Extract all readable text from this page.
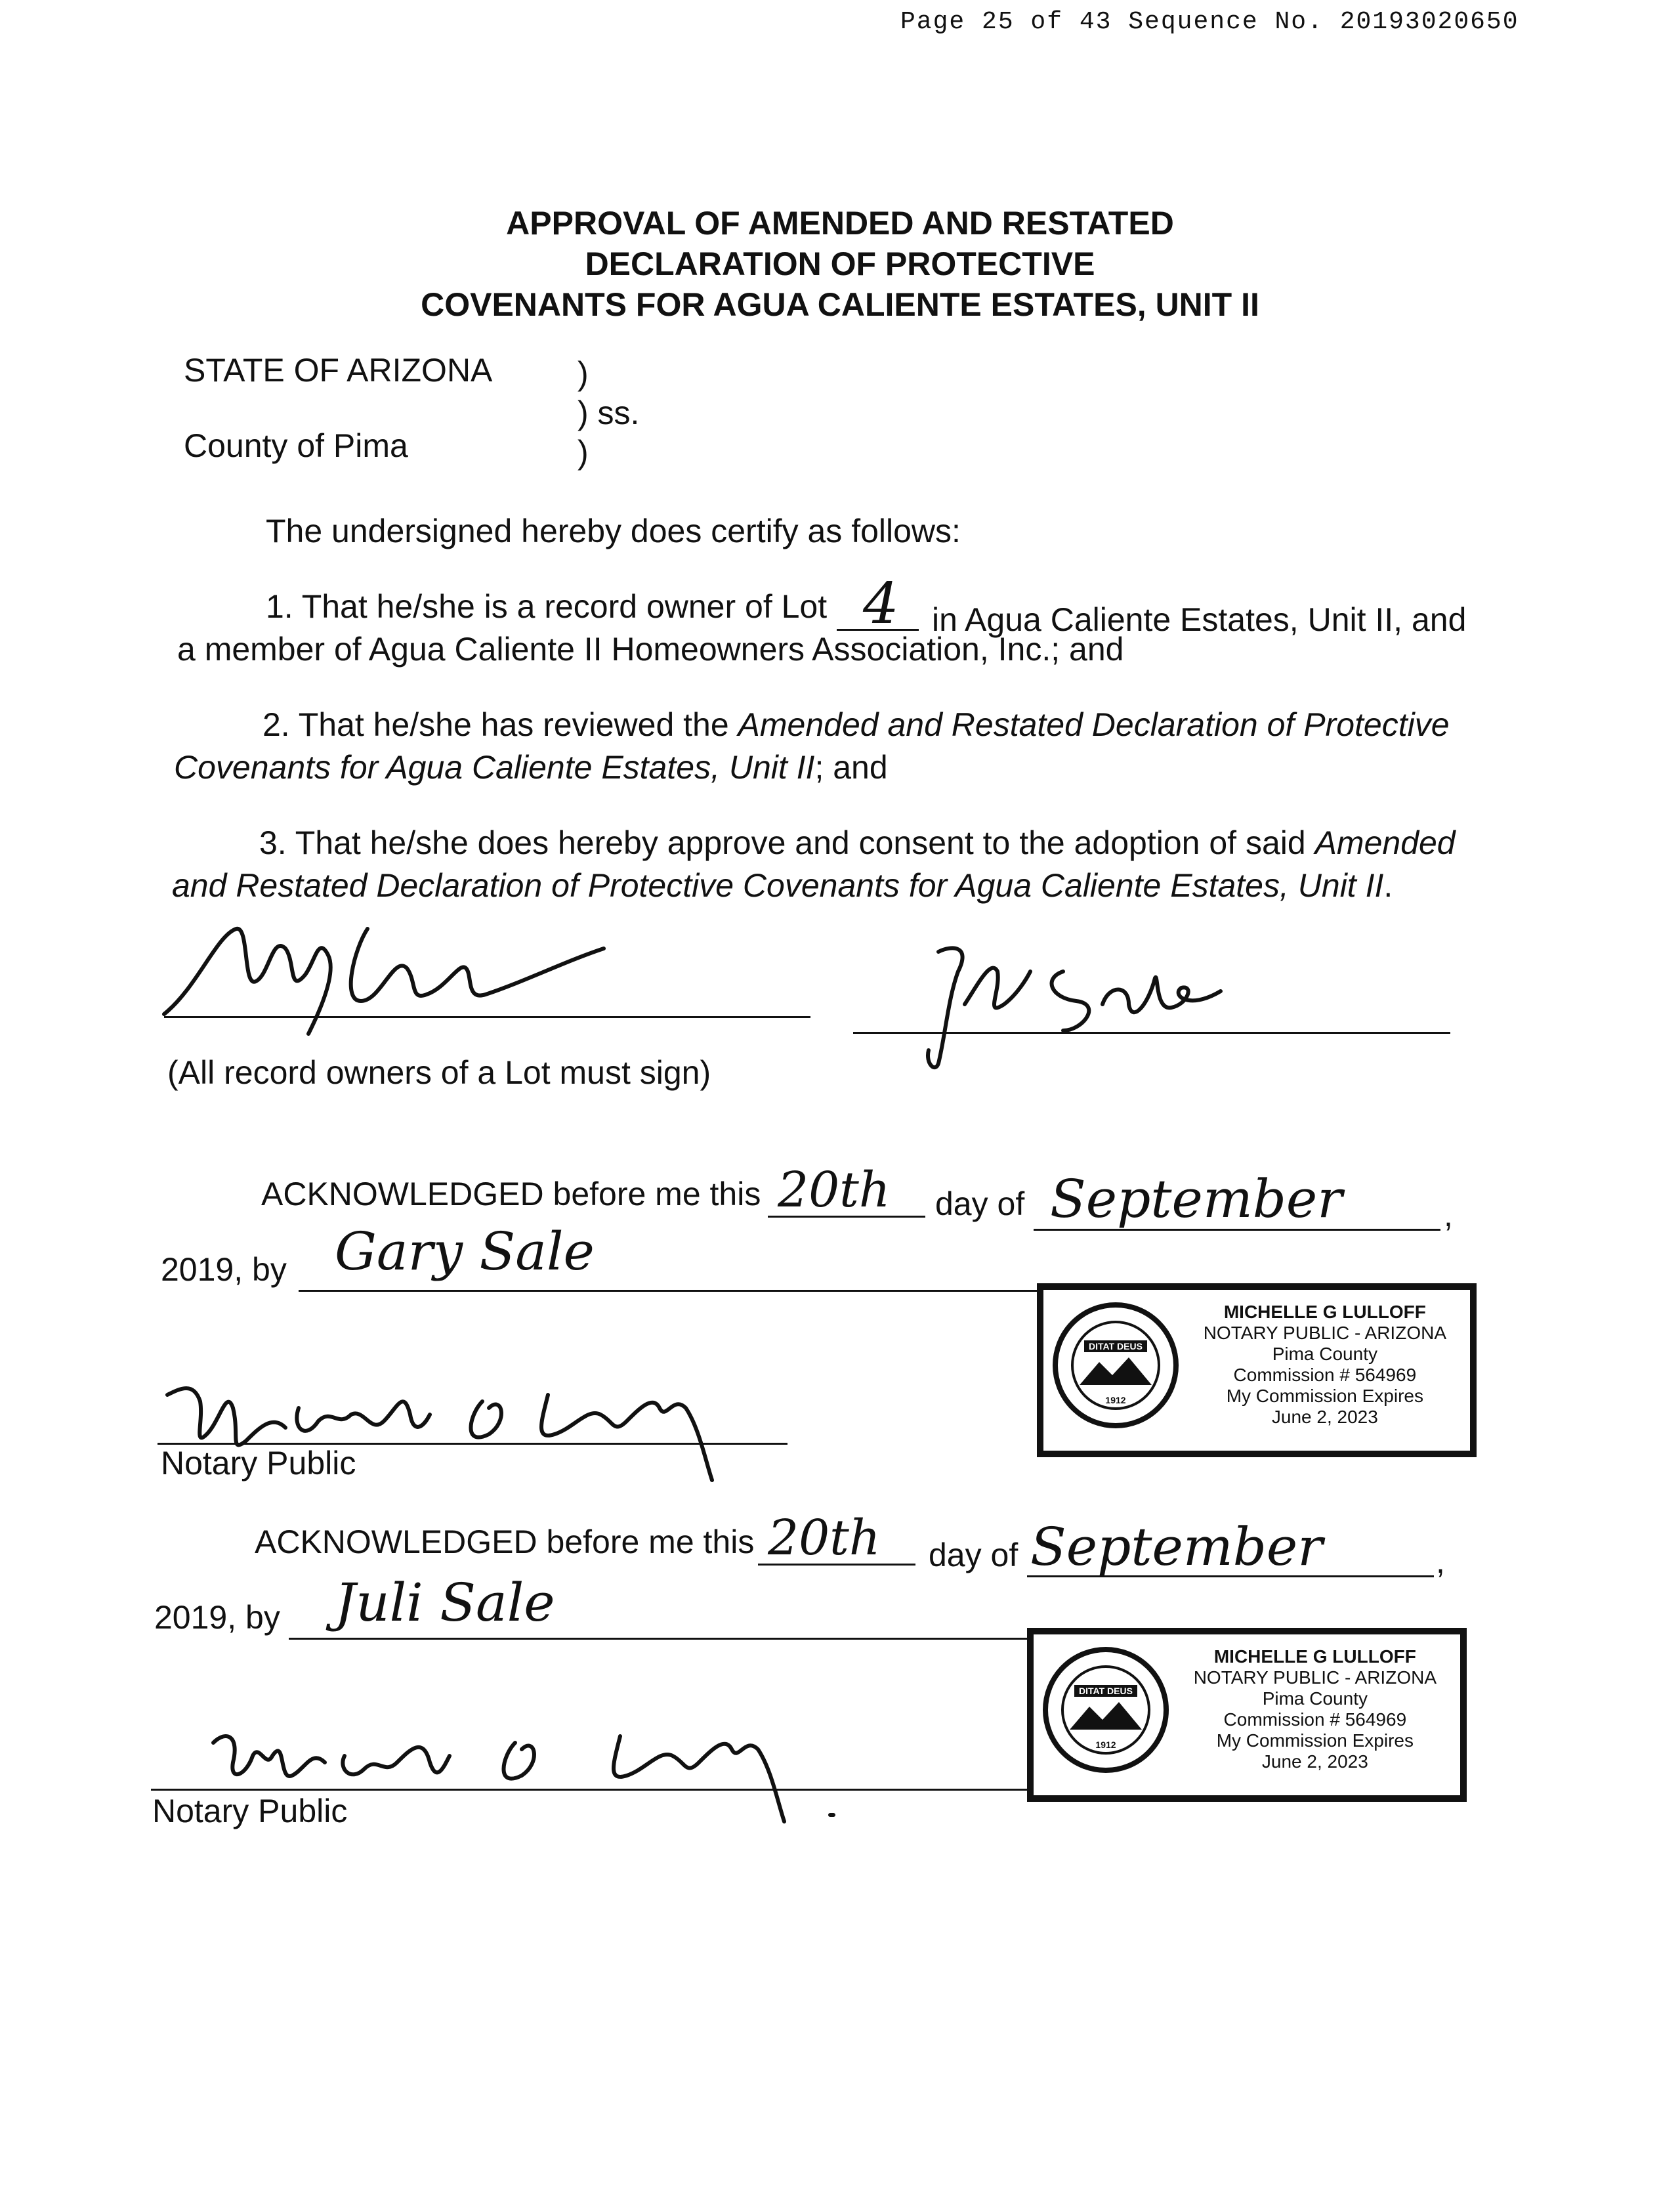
Page 25 of 43 Sequence No. 20193020650
APPROVAL OF AMENDED AND RESTATED
DECLARATION OF PROTECTIVE
COVENANTS FOR AGUA CALIENTE ESTATES, UNIT II
STATE OF ARIZONA	)
) ss.
County of Pima	)
The undersigned hereby does certify as follows:
1. That he/she is a record owner of Lot 4 in Agua Caliente Estates, Unit II, and
a member of Agua Caliente II Homeowners Association, Inc.; and
2. That he/she has reviewed the Amended and Restated Declaration of Protective
Covenants for Agua Caliente Estates, Unit II; and
3. That he/she does hereby approve and consent to the adoption of said Amended
and Restated Declaration of Protective Covenants for Agua Caliente Estates, Unit II.
(All record owners of a Lot must sign)
ACKNOWLEDGED before me this 20th day of September	,
2019, by Gary Sale
Notary Public
DITAT DEUS
1912
MICHELLE G LULLOFF
NOTARY PUBLIC - ARIZONA
Pima County
Commission # 564969
My Commission Expires
June 2, 2023
ACKNOWLEDGED before me this 20th day of September	,
2019, by Juli Sale
Notary Public
DITAT DEUS
1912
MICHELLE G LULLOFF
NOTARY PUBLIC - ARIZONA
Pima County
Commission # 564969
My Commission Expires
June 2, 2023
